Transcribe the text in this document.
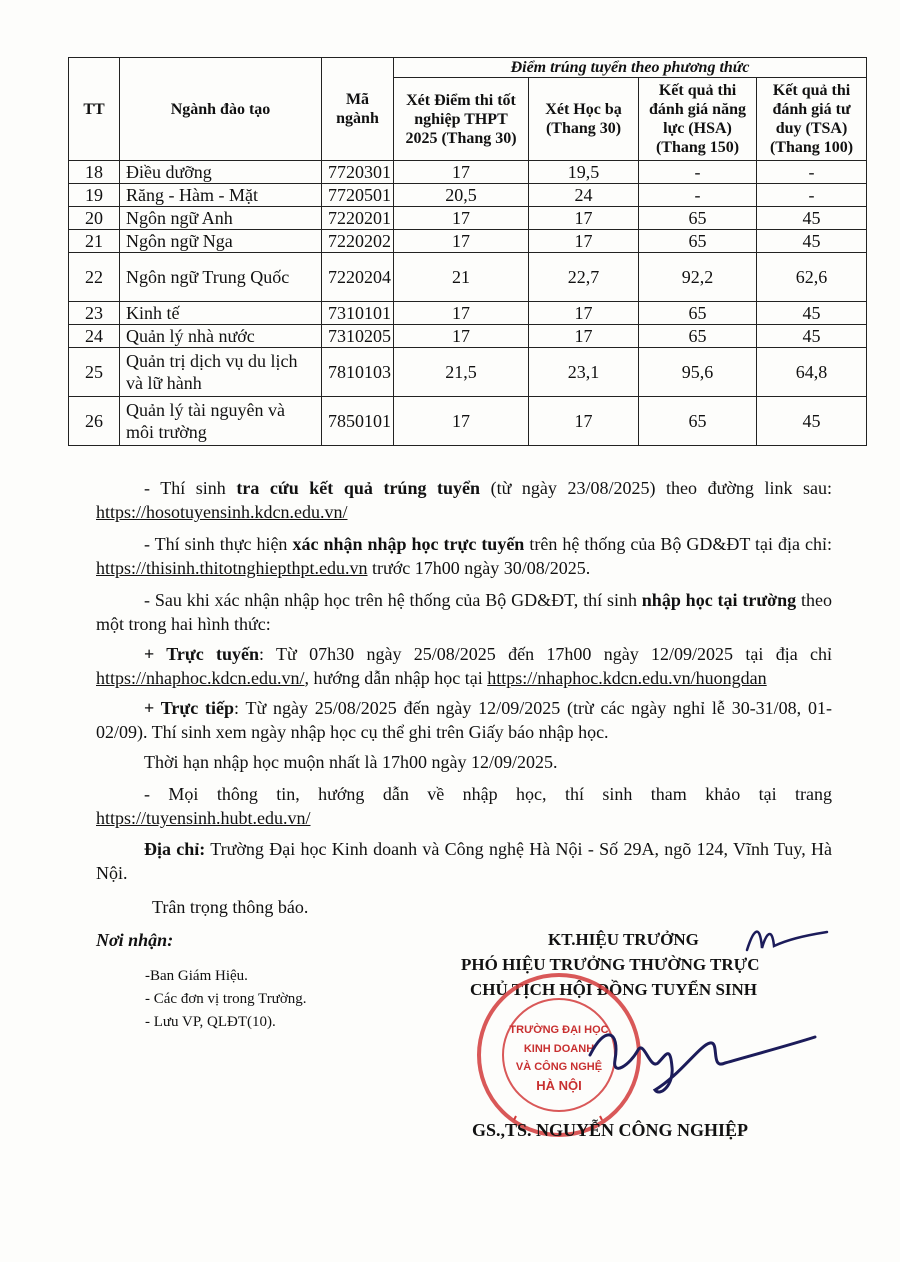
TT	Ngành đào tạo	Mã ngành	Điểm trúng tuyển theo phương thức			
			Xét Điểm thi tốt nghiệp THPT 2025 (Thang 30)	Xét Học bạ (Thang 30)	Kết quả thi đánh giá năng lực (HSA) (Thang 150)	Kết quả thi đánh giá tư duy (TSA) (Thang 100)
18	Điều dưỡng	7720301	17	19,5	-	-
19	Răng - Hàm - Mặt	7720501	20,5	24	-	-
20	Ngôn ngữ Anh	7220201	17	17	65	45
21	Ngôn ngữ Nga	7220202	17	17	65	45
22	Ngôn ngữ Trung Quốc	7220204	21	22,7	92,2	62,6
23	Kinh tế	7310101	17	17	65	45
24	Quản lý nhà nước	7310205	17	17	65	45
25	Quản trị dịch vụ du lịch và lữ hành	7810103	21,5	23,1	95,6	64,8
26	Quản lý tài nguyên và môi trường	7850101	17	17	65	45
- Thí sinh tra cứu kết quả trúng tuyển (từ ngày 23/08/2025) theo đường link sau: https://hosotuyensinh.kdcn.edu.vn/
- Thí sinh thực hiện xác nhận nhập học trực tuyến trên hệ thống của Bộ GD&ĐT tại địa chỉ: https://thisinh.thitotnghiepthpt.edu.vn trước 17h00 ngày 30/08/2025.
- Sau khi xác nhận nhập học trên hệ thống của Bộ GD&ĐT, thí sinh nhập học tại trường theo một trong hai hình thức:
+ Trực tuyến: Từ 07h30 ngày 25/08/2025 đến 17h00 ngày 12/09/2025 tại địa chỉ https://nhaphoc.kdcn.edu.vn/, hướng dẫn nhập học tại https://nhaphoc.kdcn.edu.vn/huongdan
+ Trực tiếp: Từ ngày 25/08/2025 đến ngày 12/09/2025 (trừ các ngày nghỉ lễ 30-31/08, 01-02/09). Thí sinh xem ngày nhập học cụ thể ghi trên Giấy báo nhập học.
Thời hạn nhập học muộn nhất là 17h00 ngày 12/09/2025.
- Mọi thông tin, hướng dẫn về nhập học, thí sinh tham khảo tại trang https://tuyensinh.hubt.edu.vn/
Địa chỉ: Trường Đại học Kinh doanh và Công nghệ Hà Nội - Số 29A, ngõ 124, Vĩnh Tuy, Hà Nội.
Trân trọng thông báo.
Nơi nhận:
-Ban Giám Hiệu.
- Các đơn vị trong Trường.
- Lưu VP, QLĐT(10).
KT.HIỆU TRƯỞNG
PHÓ HIỆU TRƯỞNG THƯỜNG TRỰC
CHỦ TỊCH HỘI ĐỒNG TUYỂN SINH
TRƯỜNG ĐẠI HỌC
KINH DOANH
VÀ CÔNG NGHỆ
HÀ NỘI
GS.,TS. NGUYỄN CÔNG NGHIỆP
